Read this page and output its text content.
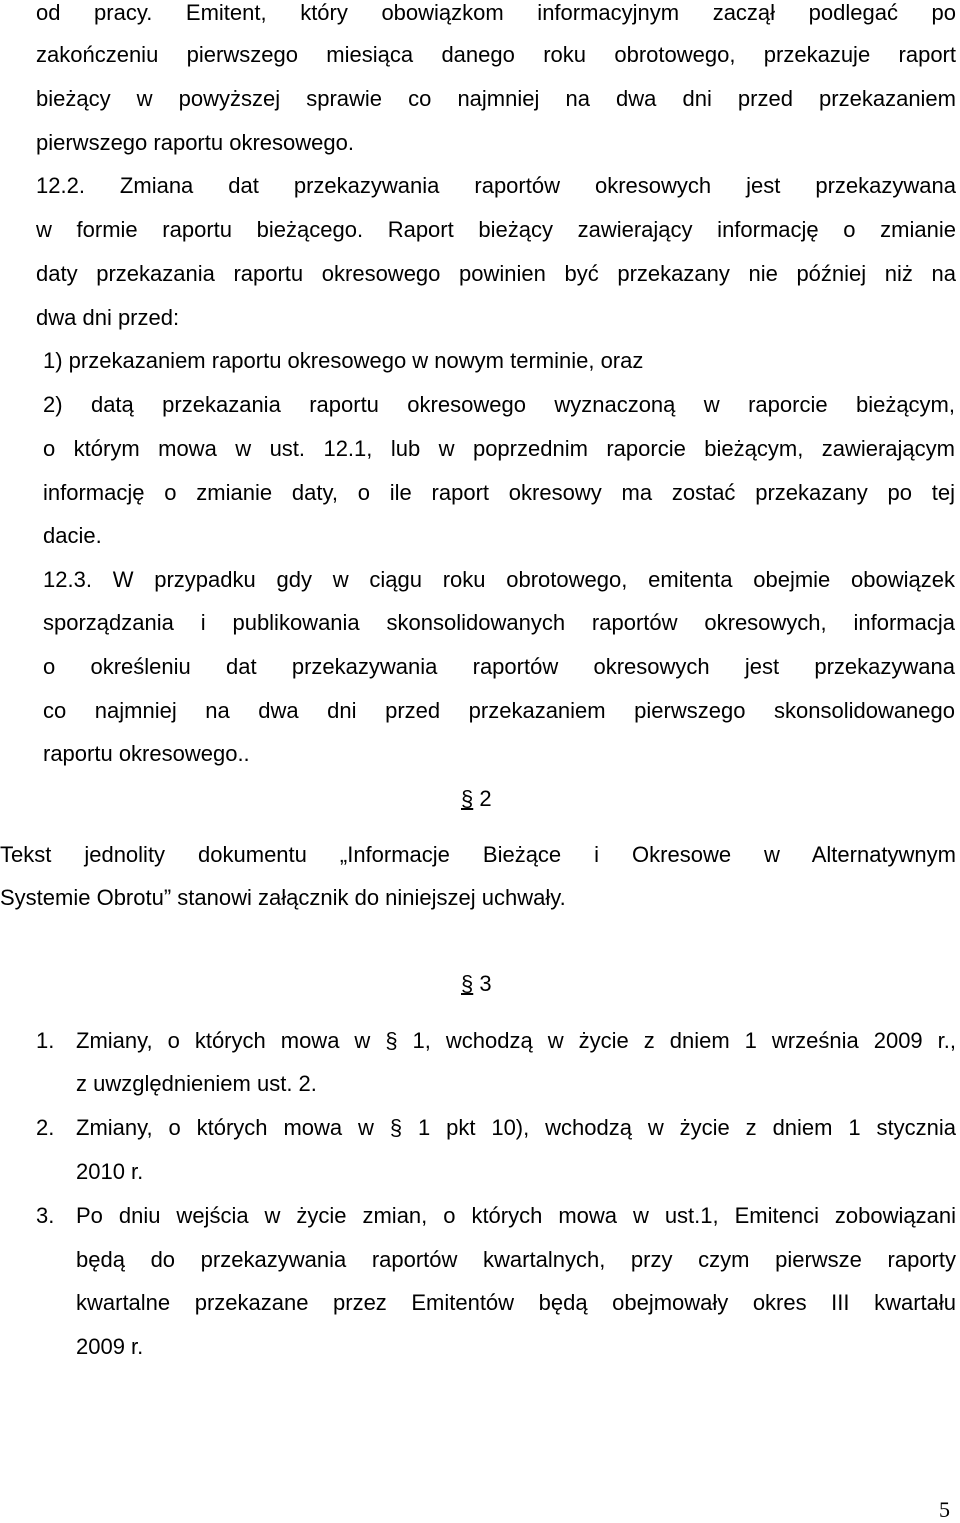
od pracy. Emitent, który obowiązkom informacyjnym zaczął podlegać po
zakończeniu pierwszego miesiąca danego roku obrotowego, przekazuje raport
bieżący w powyższej sprawie co najmniej na dwa dni przed przekazaniem
pierwszego raportu okresowego.
12.2. Zmiana dat przekazywania raportów okresowych jest przekazywana
w formie raportu bieżącego. Raport bieżący zawierający informację o zmianie
daty przekazania raportu okresowego powinien być przekazany nie później niż na
dwa dni przed:
1) przekazaniem raportu okresowego w nowym terminie, oraz
2) datą przekazania raportu okresowego wyznaczoną w raporcie bieżącym,
o którym mowa w ust. 12.1, lub w poprzednim raporcie bieżącym, zawierającym
informację o zmianie daty, o ile raport okresowy ma zostać przekazany po tej
dacie.
12.3. W przypadku gdy w ciągu roku obrotowego, emitenta obejmie obowiązek
sporządzania i publikowania skonsolidowanych raportów okresowych, informacja
o określeniu dat przekazywania raportów okresowych jest przekazywana
co najmniej na dwa dni przed przekazaniem pierwszego skonsolidowanego
raportu okresowego..
§ 2
Tekst jednolity dokumentu „Informacje Bieżące i Okresowe w Alternatywnym
Systemie Obrotu” stanowi załącznik do niniejszej uchwały.
§ 3
1. Zmiany, o których mowa w § 1, wchodzą w życie z dniem 1 września 2009 r.,
z uwzględnieniem ust. 2.
2. Zmiany, o których mowa w § 1 pkt 10), wchodzą w życie z dniem 1 stycznia
2010 r.
3. Po dniu wejścia w życie zmian, o których mowa w ust.1, Emitenci zobowiązani
będą do przekazywania raportów kwartalnych, przy czym pierwsze raporty
kwartalne przekazane przez Emitentów będą obejmowały okres III kwartału
2009 r.
5
